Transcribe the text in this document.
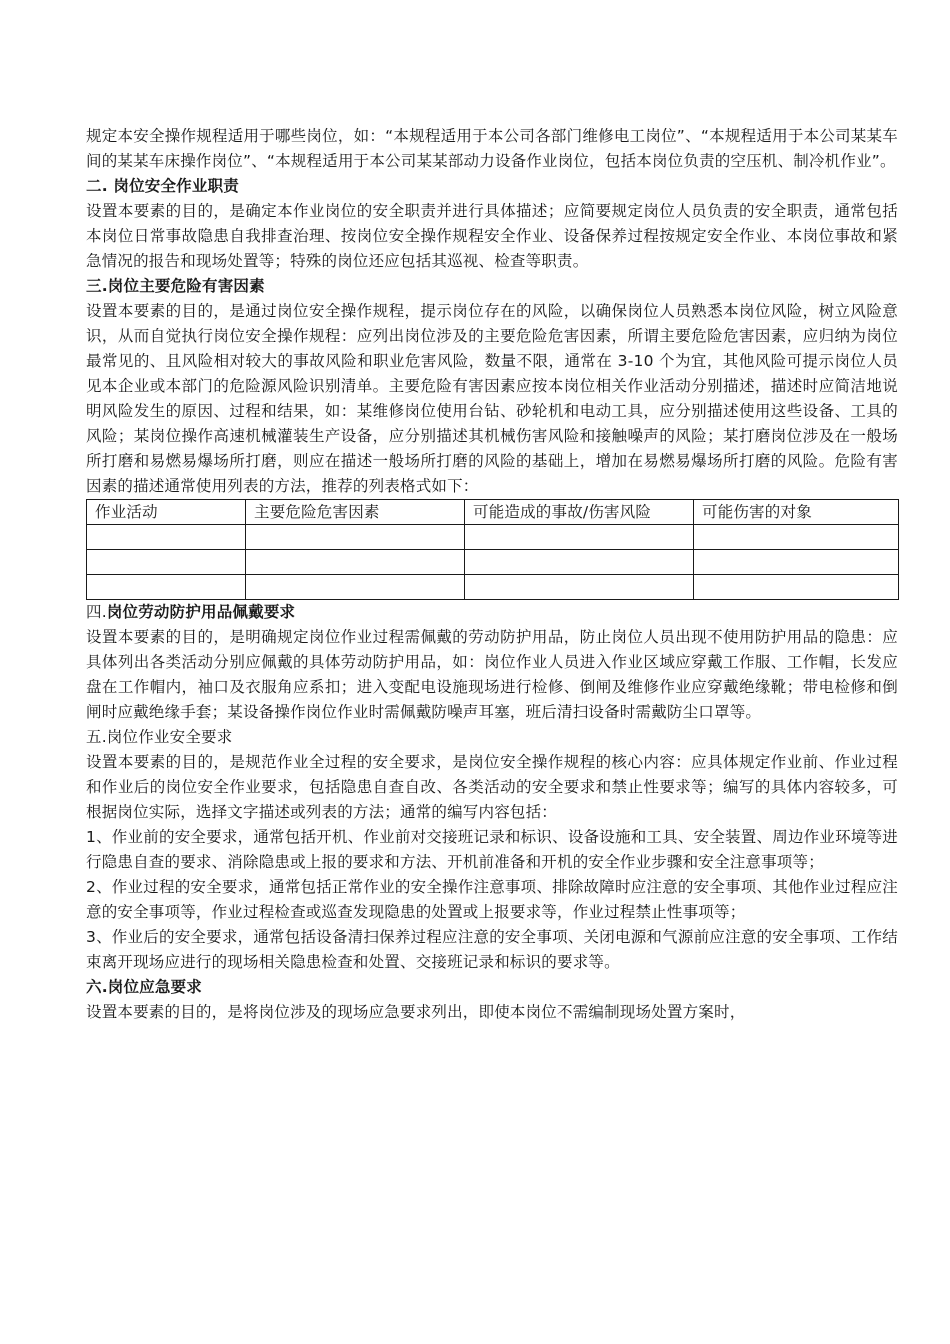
规定本安全操作规程适用于哪些岗位，如：“本规程适用于本公司各部门维修电工岗位”、“本规程适用于本公司某某车间的某某车床操作岗位”、“本规程适用于本公司某某部动力设备作业岗位，包括本岗位负责的空压机、制冷机作业”。

二. 岗位安全作业职责

设置本要素的目的，是确定本作业岗位的安全职责并进行具体描述；应简要规定岗位人员负责的安全职责，通常包括本岗位日常事故隐患自我排查治理、按岗位安全操作规程安全作业、设备保养过程按规定安全作业、本岗位事故和紧急情况的报告和现场处置等；特殊的岗位还应包括其巡视、检查等职责。

三.岗位主要危险有害因素

设置本要素的目的，是通过岗位安全操作规程，提示岗位存在的风险，以确保岗位人员熟悉本岗位风险，树立风险意识，从而自觉执行岗位安全操作规程：应列出岗位涉及的主要危险危害因素，所谓主要危险危害因素，应归纳为岗位最常见的、且风险相对较大的事故风险和职业危害风险，数量不限，通常在 3-10 个为宜，其他风险可提示岗位人员见本企业或本部门的危险源风险识别清单。主要危险有害因素应按本岗位相关作业活动分别描述，描述时应简洁地说明风险发生的原因、过程和结果，如：某维修岗位使用台钻、砂轮机和电动工具，应分别描述使用这些设备、工具的风险；某岗位操作高速机械灌装生产设备，应分别描述其机械伤害风险和接触噪声的风险；某打磨岗位涉及在一般场所打磨和易燃易爆场所打磨，则应在描述一般场所打磨的风险的基础上，增加在易燃易爆场所打磨的风险。危险有害因素的描述通常使用列表的方法，推荐的列表格式如下：

作业活动	主要危险危害因素	可能造成的事故/伤害风险	可能伤害的对象

四.岗位劳动防护用品佩戴要求

设置本要素的目的，是明确规定岗位作业过程需佩戴的劳动防护用品，防止岗位人员出现不使用防护用品的隐患：应具体列出各类活动分别应佩戴的具体劳动防护用品，如：岗位作业人员进入作业区域应穿戴工作服、工作帽，长发应盘在工作帽内，袖口及衣服角应系扣；进入变配电设施现场进行检修、倒闸及维修作业应穿戴绝缘靴；带电检修和倒闸时应戴绝缘手套；某设备操作岗位作业时需佩戴防噪声耳塞，班后清扫设备时需戴防尘口罩等。

五.岗位作业安全要求

设置本要素的目的，是规范作业全过程的安全要求，是岗位安全操作规程的核心内容：应具体规定作业前、作业过程和作业后的岗位安全作业要求，包括隐患自查自改、各类活动的安全要求和禁止性要求等；编写的具体内容较多，可根据岗位实际，选择文字描述或列表的方法；通常的编写内容包括：

1、作业前的安全要求，通常包括开机、作业前对交接班记录和标识、设备设施和工具、安全装置、周边作业环境等进行隐患自查的要求、消除隐患或上报的要求和方法、开机前准备和开机的安全作业步骤和安全注意事项等；

2、作业过程的安全要求，通常包括正常作业的安全操作注意事项、排除故障时应注意的安全事项、其他作业过程应注意的安全事项等，作业过程检查或巡查发现隐患的处置或上报要求等，作业过程禁止性事项等；

3、作业后的安全要求，通常包括设备清扫保养过程应注意的安全事项、关闭电源和气源前应注意的安全事项、工作结束离开现场应进行的现场相关隐患检查和处置、交接班记录和标识的要求等。

六.岗位应急要求

设置本要素的目的，是将岗位涉及的现场应急要求列出，即使本岗位不需编制现场处置方案时，
